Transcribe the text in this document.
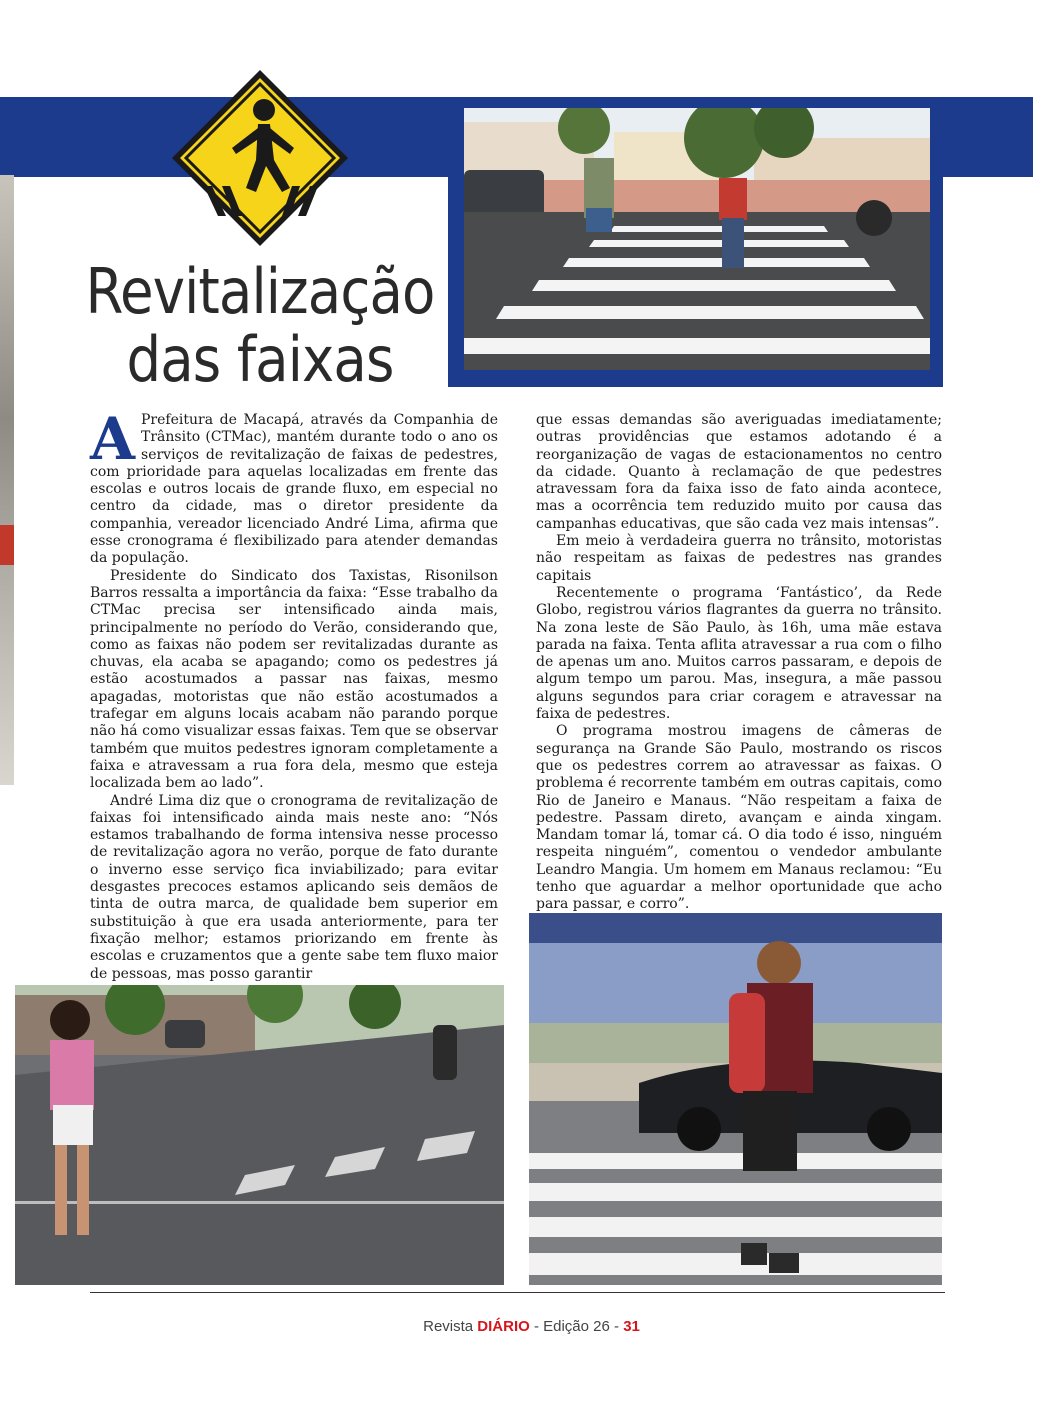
Revitalização
das faixas

A Prefeitura de Macapá, através da Companhia de Trânsito (CTMac), mantém durante todo o ano os serviços de revitalização de faixas de pedestres, com prioridade para aquelas localizadas em frente das escolas e outros locais de grande fluxo, em especial no centro da cidade, mas o diretor presidente da companhia, vereador licenciado André Lima, afirma que esse cronograma é flexibilizado para atender demandas da população.

Presidente do Sindicato dos Taxistas, Risonilson Barros ressalta a importância da faixa: “Esse trabalho da CTMac precisa ser intensificado ainda mais, principalmente no período do Verão, considerando que, como as faixas não podem ser revitalizadas durante as chuvas, ela acaba se apagando; como os pedestres já estão acostumados a passar nas faixas, mesmo apagadas, motoristas que não estão acostumados a trafegar em alguns locais acabam não parando porque não há como visualizar essas faixas. Tem que se observar também que muitos pedestres ignoram completamente a faixa e atravessam a rua fora dela, mesmo que esteja localizada bem ao lado”.

André Lima diz que o cronograma de revitalização de faixas foi intensificado ainda mais neste ano: “Nós estamos trabalhando de forma intensiva nesse processo de revitalização agora no verão, porque de fato durante o inverno esse serviço fica inviabilizado; para evitar desgastes precoces estamos aplicando seis demãos de tinta de outra marca, de qualidade bem superior em substituição à que era usada anteriormente, para ter fixação melhor; estamos priorizando em frente às escolas e cruzamentos que a gente sabe tem fluxo maior de pessoas, mas posso garantir

que essas demandas são averiguadas imediatamente; outras providências que estamos adotando é a reorganização de vagas de estacionamentos no centro da cidade. Quanto à reclamação de que pedestres atravessam fora da faixa isso de fato ainda acontece, mas a ocorrência tem reduzido muito por causa das campanhas educativas, que são cada vez mais intensas”.

Em meio à verdadeira guerra no trânsito, motoristas não respeitam as faixas de pedestres nas grandes capitais

Recentemente o programa ‘Fantástico’, da Rede Globo, registrou vários flagrantes da guerra no trânsito. Na zona leste de São Paulo, às 16h, uma mãe estava parada na faixa. Tenta aflita atravessar a rua com o filho de apenas um ano. Muitos carros passaram, e depois de algum tempo um parou. Mas, insegura, a mãe passou alguns segundos para criar coragem e atravessar na faixa de pedestres.

O programa mostrou imagens de câmeras de segurança na Grande São Paulo, mostrando os riscos que os pedestres correm ao atravessar as faixas. O problema é recorrente também em outras capitais, como Rio de Janeiro e Manaus. “Não respeitam a faixa de pedestre. Passam direto, avançam e ainda xingam. Mandam tomar lá, tomar cá. O dia todo é isso, ninguém respeita ninguém”, comentou o vendedor ambulante Leandro Mangia. Um homem em Manaus reclamou: “Eu tenho que aguardar a melhor oportunidade que acho para passar, e corro”.

Revista DIÁRIO - Edição 26 - 31
